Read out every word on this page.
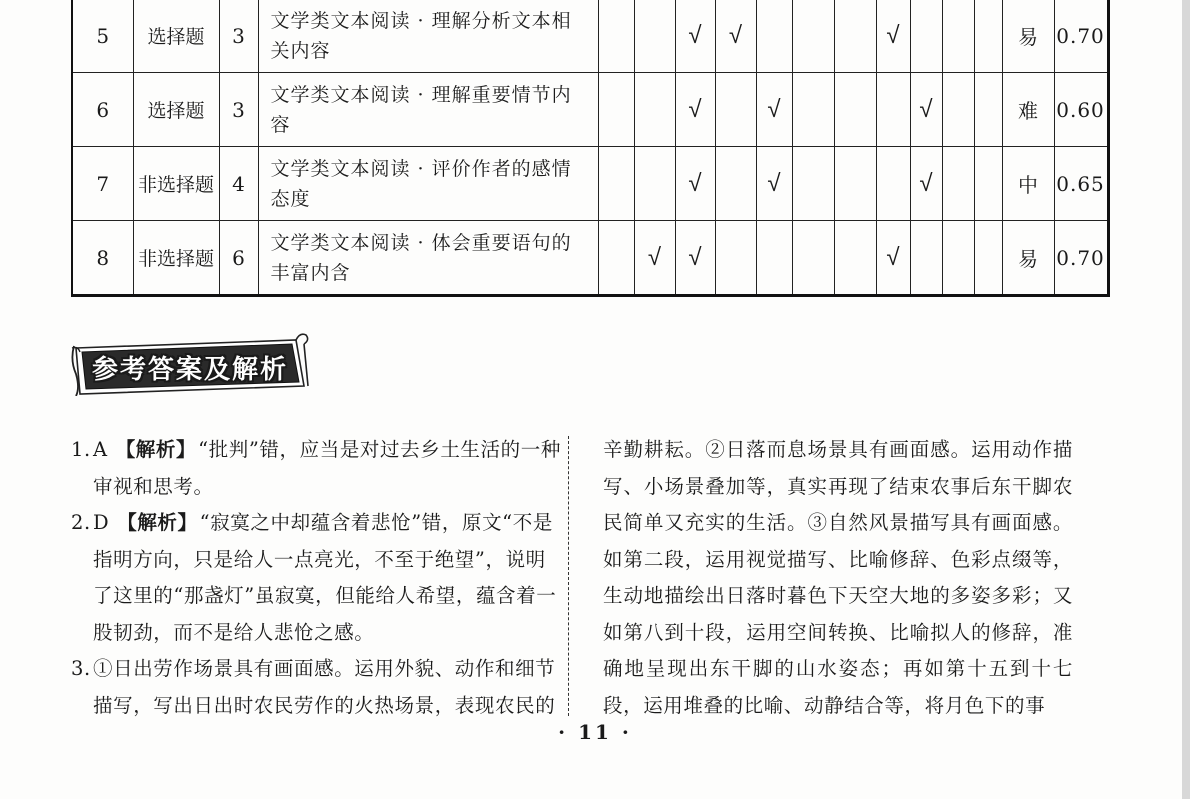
5	选择题	3	文学类文本阅读 · 理解分析文本相关内容			√	√				√				易	0.70
6	选择题	3	文学类文本阅读 · 理解重要情节内容			√		√				√			难	0.60
7	非选择题	4	文学类文本阅读 · 评价作者的感情态度			√		√				√			中	0.65
8	非选择题	6	文学类文本阅读 · 体会重要语句的丰富内含		√	√					√				易	0.70
参考答案及解析
1. A 【解析】 “批判”错，应当是对过去乡土生活的一种审视和思考。
2. D 【解析】 “寂寞之中却蕴含着悲怆”错，原文“不是指明方向，只是给人一点亮光，不至于绝望”，说明了这里的“那盏灯”虽寂寞，但能给人希望，蕴含着一股韧劲，而不是给人悲怆之感。
3. ①日出劳作场景具有画面感。运用外貌、动作和细节描写，写出日出时农民劳作的火热场景，表现农民的
辛勤耕耘。②日落而息场景具有画面感。运用动作描写、小场景叠加等，真实再现了结束农事后东干脚农民简单又充实的生活。③自然风景描写具有画面感。如第二段，运用视觉描写、比喻修辞、色彩点缀等，生动地描绘出日落时暮色下天空大地的多姿多彩；又如第八到十段，运用空间转换、比喻拟人的修辞，准确地呈现出东干脚的山水姿态；再如第十五到十七段，运用堆叠的比喻、动静结合等，将月色下的事
· 11 ·
